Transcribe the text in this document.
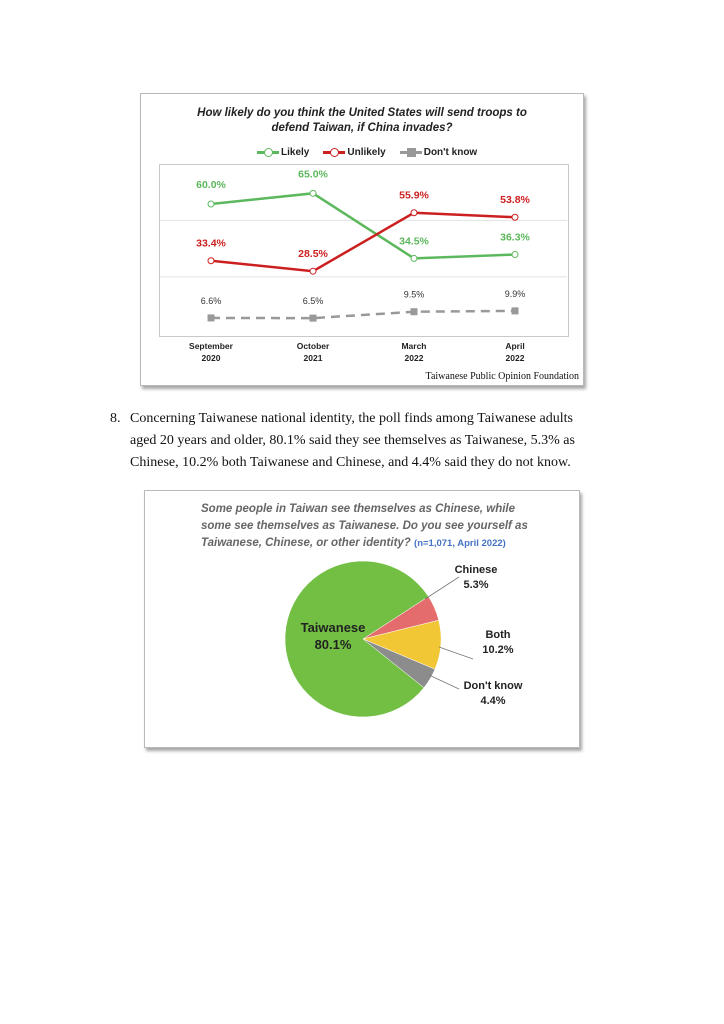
How likely do you think the United States will send troops to defend Taiwan, if China invades?
Likely	Unlikely	Don't know
60.0%
65.0%
34.5%	36.3%
33.4%
28.5%
55.9%	53.8%
6.6%	6.5%
9.5%	9.9%
September
2020
October
2021
March
2022
April
2022
Taiwanese Public Opinion Foundation
8. Concerning Taiwanese national identity, the poll finds among Taiwanese adults aged 20 years and older, 80.1% said they see themselves as Taiwanese, 5.3% as Chinese, 10.2% both Taiwanese and Chinese, and 4.4% said they do not know.
Some people in Taiwan see themselves as Chinese, while some see themselves as Taiwanese. Do you see yourself as Taiwanese, Chinese, or other identity? (n=1,071, April 2022)
Taiwanese
80.1%
Chinese
5.3%
Both
10.2%
Don't know
4.4%
